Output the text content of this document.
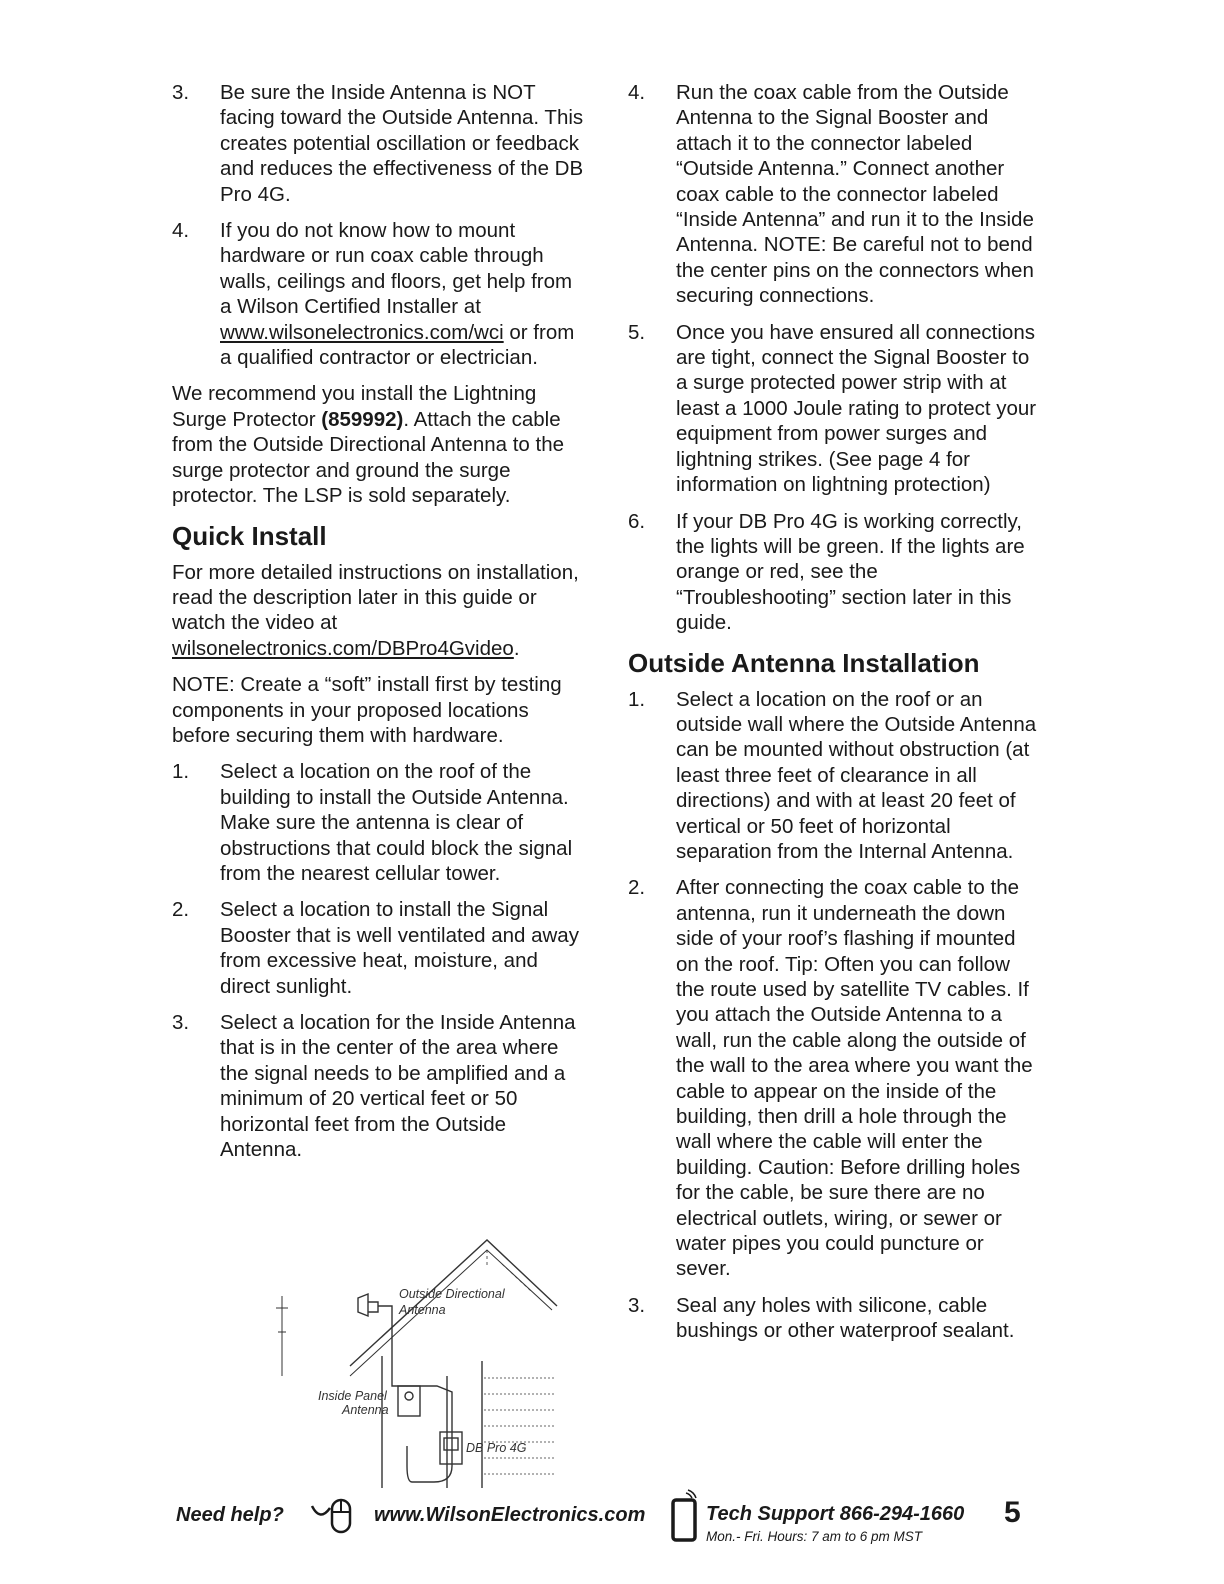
3.	Be sure the Inside Antenna is NOT facing toward the Outside Antenna. This creates potential oscillation or feedback and reduces the effectiveness of the DB Pro 4G.
4.	If you do not know how to mount hardware or run coax cable through walls, ceilings and floors, get help from a Wilson Certified Installer at www.wilsonelectronics.com/wci or from a qualified contractor or electrician.

We recommend you install the Lightning Surge Protector (859992). Attach the cable from the Outside Directional Antenna to the surge protector and ground the surge protector. The LSP is sold separately.

Quick Install

For more detailed instructions on installation, read the description later in this guide or watch the video at wilsonelectronics.com/DBPro4Gvideo.

NOTE: Create a “soft” install first by testing components in your proposed locations before securing them with hardware.

1.	Select a location on the roof of the building to install the Outside Antenna. Make sure the antenna is clear of obstructions that could block the signal from the nearest cellular tower.
2.	Select a location to install the Signal Booster that is well ventilated and away from excessive heat, moisture, and direct sunlight.
3.	Select a location for the Inside Antenna that is in the center of the area where the signal needs to be amplified and a minimum of 20 vertical feet or 50 horizontal feet from the Outside Antenna.
4.	Run the coax cable from the Outside Antenna to the Signal Booster and attach it to the connector labeled “Outside Antenna.” Connect another coax cable to the connector labeled “Inside Antenna” and run it to the Inside Antenna. NOTE: Be careful not to bend the center pins on the connectors when securing connections.
5.	Once you have ensured all connections are tight, connect the Signal Booster to a surge protected power strip with at least a 1000 Joule rating to protect your equipment from power surges and lightning strikes. (See page 4 for information on lightning protection)
6.	If your DB Pro 4G is working correctly, the lights will be green. If the lights are orange or red, see the “Troubleshooting” section later in this guide.
Outside Antenna Installation
1.	Select a location on the roof or an outside wall where the Outside Antenna can be mounted without obstruction (at least three feet of clearance in all directions) and with at least 20 feet of vertical or 50 feet of horizontal separation from the Internal Antenna.
2.	After connecting the coax cable to the antenna, run it underneath the down side of your roof’s flashing if mounted on the roof. Tip: Often you can follow the route used by satellite TV cables. If you attach the Outside Antenna to a wall, run the cable along the outside of the wall to the area where you want the cable to appear on the inside of the building, then drill a hole through the wall where the cable will enter the building. Caution: Before drilling holes for the cable, be sure there are no electrical outlets, wiring, or sewer or water pipes you could puncture or sever.
3.	Seal any holes with silicone, cable bushings or other waterproof sealant.
Outside Directional
Antenna
Inside Panel
Antenna
DB Pro 4G
Need help?	www.WilsonElectronics.com	Tech Support 866-294-1660
Mon.- Fri. Hours: 7 am to 6 pm MST
5
